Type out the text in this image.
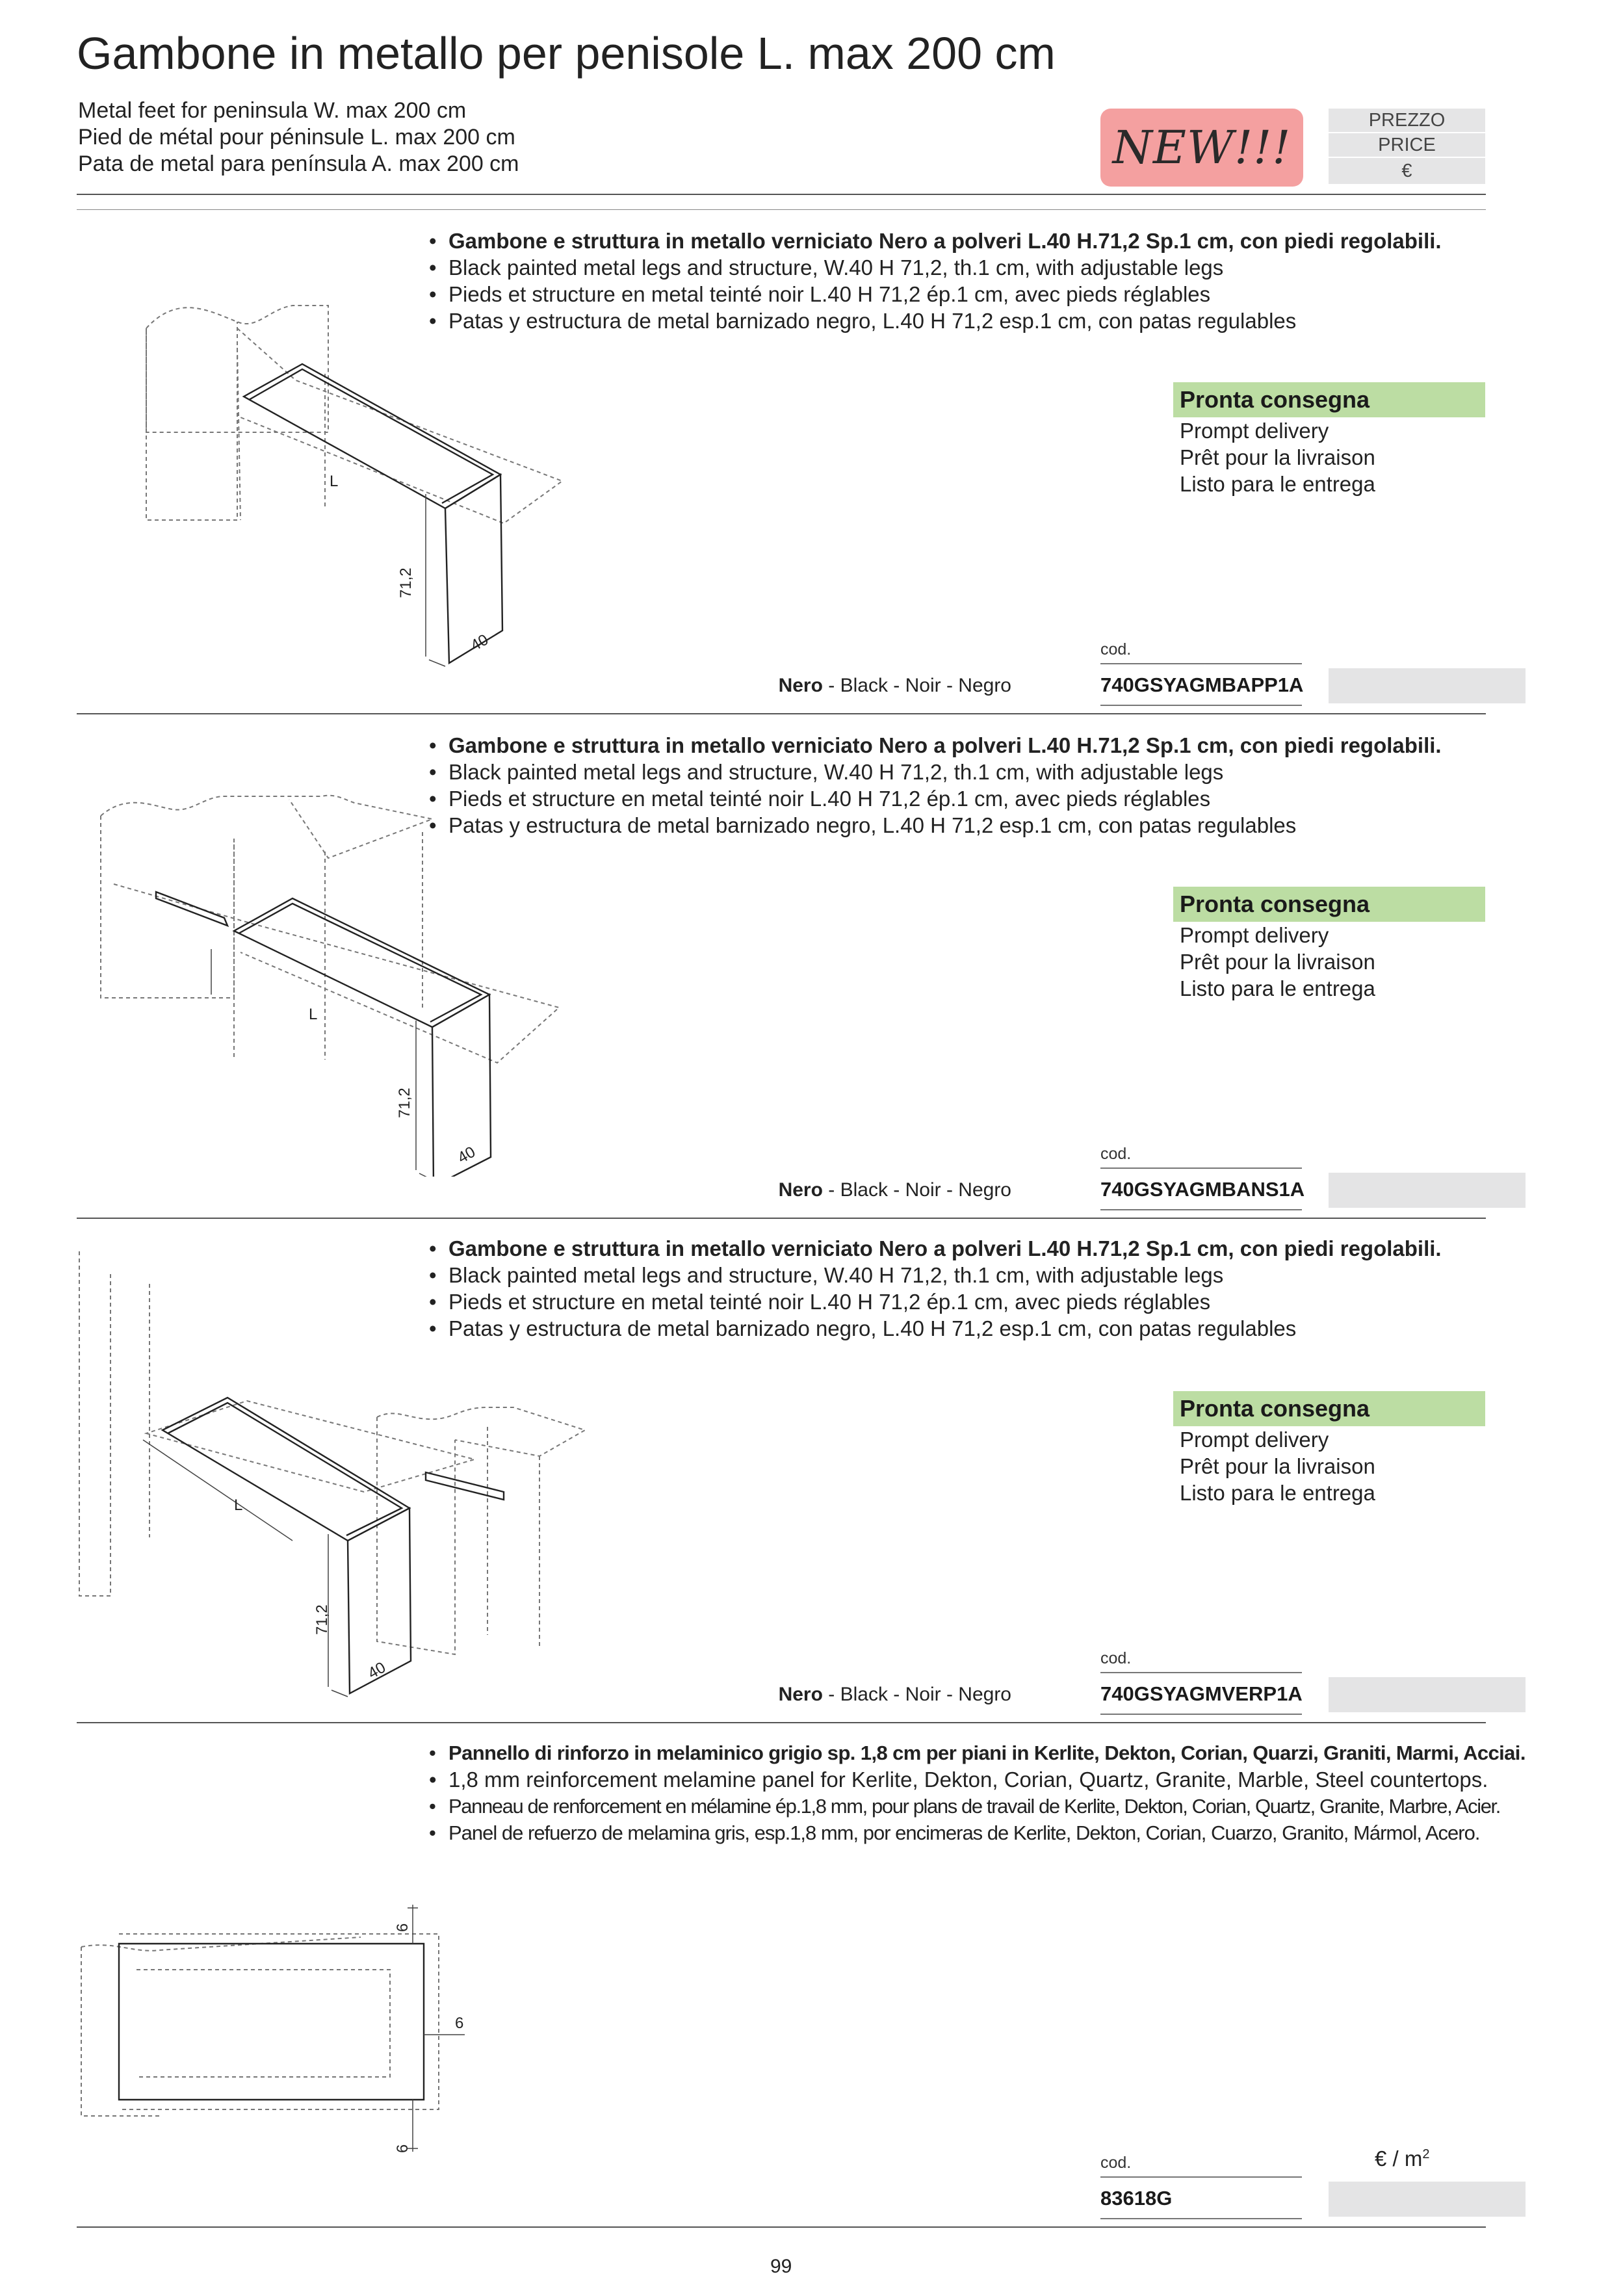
Gambone in metallo per penisole L. max 200 cm
Metal feet for peninsula W. max 200 cm
Pied de métal pour péninsule L. max 200 cm
Pata de metal para península A. max 200 cm	NEW!!!
PREZZO
PRICE
€
• Gambone e struttura in metallo verniciato Nero a polveri L.40 H.71,2 Sp.1 cm, con piedi regolabili.
• Black painted metal legs and structure, W.40 H 71,2, th.1 cm, with adjustable legs
• Pieds et structure en metal teinté noir L.40 H 71,2 ép.1 cm, avec pieds réglables
• Patas y estructura de metal barnizado negro, L.40 H 71,2 esp.1 cm, con patas regulables
Pronta consegna
Prompt delivery
Prêt pour la livraison
Listo para le entrega
71,2
40
L
cod.
Nero - Black - Noir - Negro	740GSYAGMBAPP1A
• Gambone e struttura in metallo verniciato Nero a polveri L.40 H.71,2 Sp.1 cm, con piedi regolabili.
• Black painted metal legs and structure, W.40 H 71,2, th.1 cm, with adjustable legs
• Pieds et structure en metal teinté noir L.40 H 71,2 ép.1 cm, avec pieds réglables
• Patas y estructura de metal barnizado negro, L.40 H 71,2 esp.1 cm, con patas regulables
Pronta consegna
Prompt delivery
Prêt pour la livraison
Listo para le entrega
71,2
40
L
cod.
Nero - Black - Noir - Negro	740GSYAGMBANS1A
• Gambone e struttura in metallo verniciato Nero a polveri L.40 H.71,2 Sp.1 cm, con piedi regolabili.
• Black painted metal legs and structure, W.40 H 71,2, th.1 cm, with adjustable legs
• Pieds et structure en metal teinté noir L.40 H 71,2 ép.1 cm, avec pieds réglables
• Patas y estructura de metal barnizado negro, L.40 H 71,2 esp.1 cm, con patas regulables
Pronta consegna
Prompt delivery
Prêt pour la livraison
Listo para le entrega
71,2
40
L
cod.
Nero - Black - Noir - Negro	740GSYAGMVERP1A
• Pannello di rinforzo in melaminico grigio sp. 1,8 cm per piani in Kerlite, Dekton, Corian, Quarzi, Graniti, Marmi, Acciai.
• 1,8 mm reinforcement melamine panel for Kerlite, Dekton, Corian, Quartz, Granite, Marble, Steel countertops.
• Panneau de renforcement en mélamine ép.1,8 mm, pour plans de travail de Kerlite, Dekton, Corian, Quartz, Granite, Marbre, Acier.
• Panel de refuerzo de melamina gris, esp.1,8 mm, por encimeras de Kerlite, Dekton, Corian, Cuarzo, Granito, Mármol, Acero.
6
6
6
cod.	€ / $m^2$
83618G
99
